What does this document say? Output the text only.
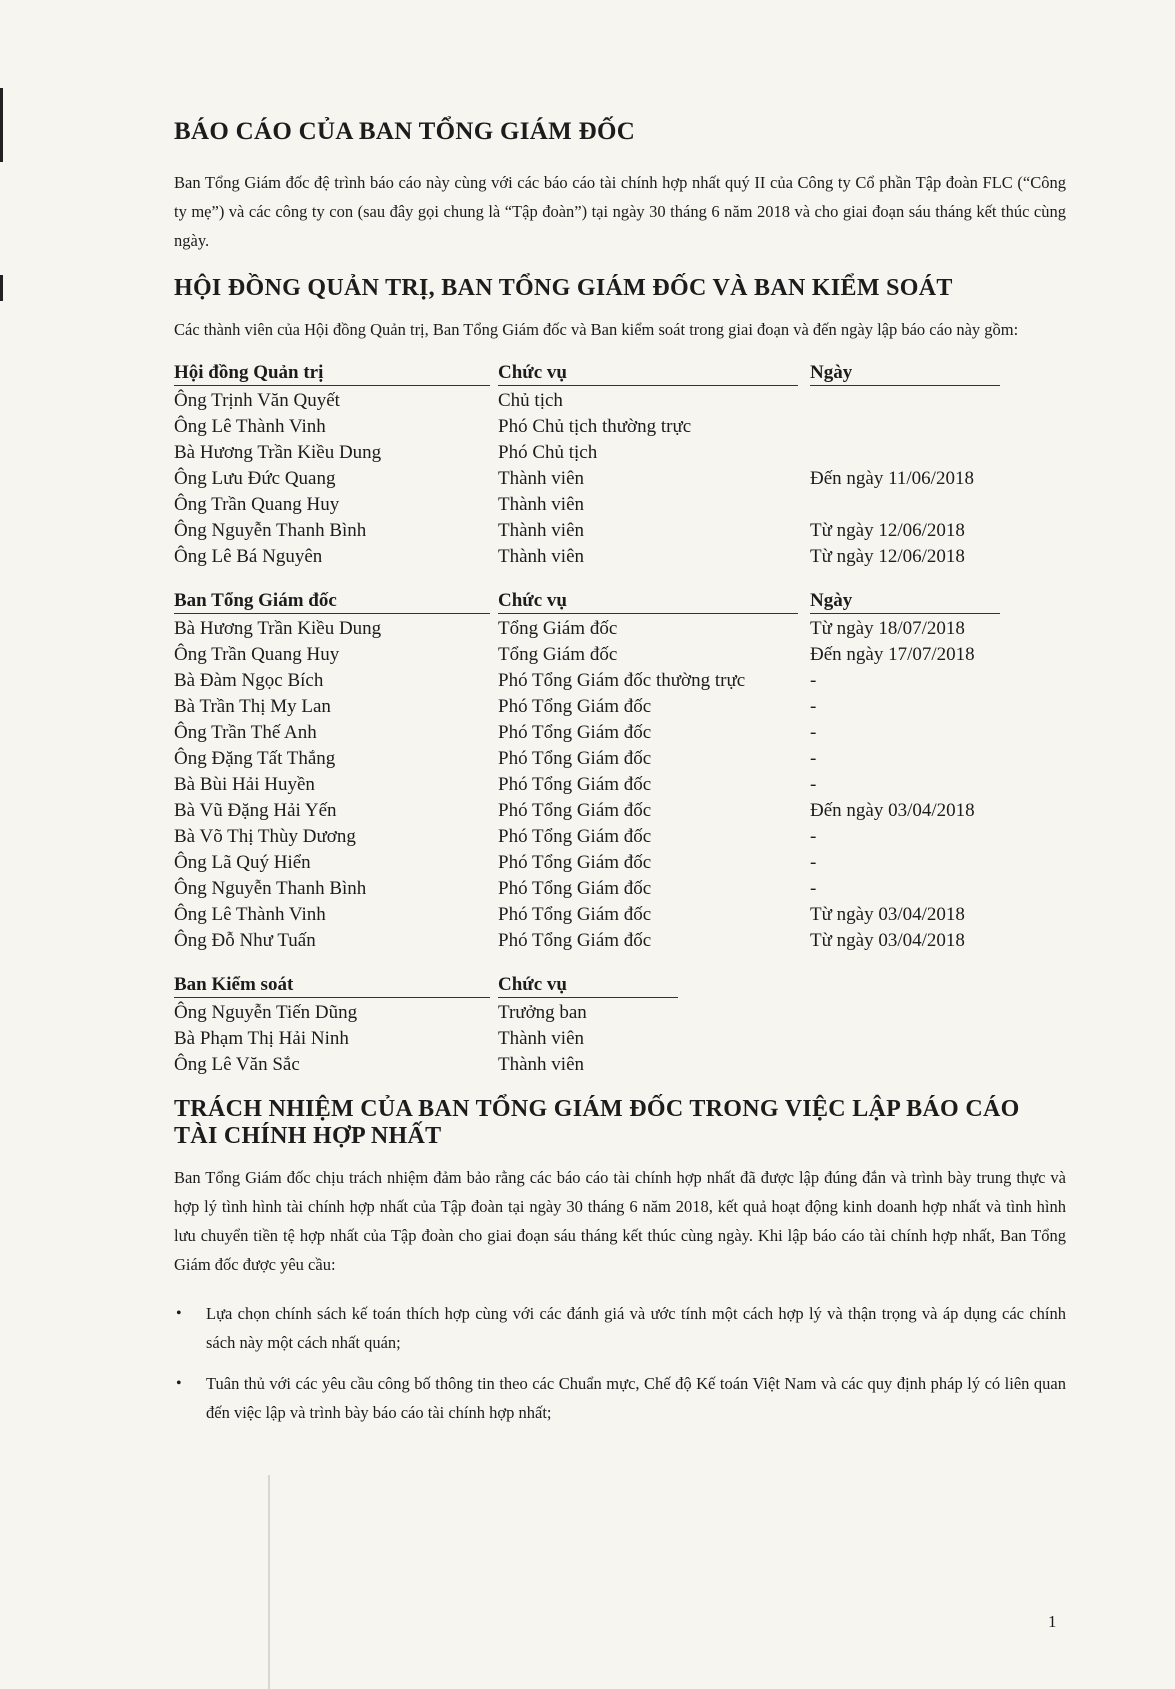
BÁO CÁO CỦA BAN TỔNG GIÁM ĐỐC

Ban Tổng Giám đốc đệ trình báo cáo này cùng với các báo cáo tài chính hợp nhất quý II của Công ty Cổ phần Tập đoàn FLC (“Công ty mẹ”) và các công ty con (sau đây gọi chung là “Tập đoàn”) tại ngày 30 tháng 6 năm 2018 và cho giai đoạn sáu tháng kết thúc cùng ngày.

HỘI ĐỒNG QUẢN TRỊ, BAN TỔNG GIÁM ĐỐC VÀ BAN KIỂM SOÁT

Các thành viên của Hội đồng Quản trị, Ban Tổng Giám đốc và Ban kiểm soát trong giai đoạn và đến ngày lập báo cáo này gồm:

Hội đồng Quản trị	Chức vụ	Ngày
Ông Trịnh Văn Quyết	Chủ tịch
Ông Lê Thành Vinh	Phó Chủ tịch thường trực
Bà Hương Trần Kiều Dung	Phó Chủ tịch
Ông Lưu Đức Quang	Thành viên	Đến ngày 11/06/2018
Ông Trần Quang Huy	Thành viên
Ông Nguyễn Thanh Bình	Thành viên	Từ ngày 12/06/2018
Ông Lê Bá Nguyên	Thành viên	Từ ngày 12/06/2018
Ban Tổng Giám đốc	Chức vụ	Ngày
Bà Hương Trần Kiều Dung	Tổng Giám đốc	Từ ngày 18/07/2018
Ông Trần Quang Huy	Tổng Giám đốc	Đến ngày 17/07/2018
Bà Đàm Ngọc Bích	Phó Tổng Giám đốc thường trực	-
Bà Trần Thị My Lan	Phó Tổng Giám đốc	-
Ông Trần Thế Anh	Phó Tổng Giám đốc	-
Ông Đặng Tất Thắng	Phó Tổng Giám đốc	-
Bà Bùi Hải Huyền	Phó Tổng Giám đốc	-
Bà Vũ Đặng Hải Yến	Phó Tổng Giám đốc	Đến ngày 03/04/2018
Bà Võ Thị Thùy Dương	Phó Tổng Giám đốc	-
Ông Lã Quý Hiển	Phó Tổng Giám đốc	-
Ông Nguyễn Thanh Bình	Phó Tổng Giám đốc	-
Ông Lê Thành Vinh	Phó Tổng Giám đốc	Từ ngày 03/04/2018
Ông Đỗ Như Tuấn	Phó Tổng Giám đốc	Từ ngày 03/04/2018
Ban Kiểm soát	Chức vụ
Ông Nguyễn Tiến Dũng	Trưởng ban
Bà Phạm Thị Hải Ninh	Thành viên
Ông Lê Văn Sắc	Thành viên
TRÁCH NHIỆM CỦA BAN TỔNG GIÁM ĐỐC TRONG VIỆC LẬP BÁO CÁO TÀI CHÍNH HỢP NHẤT

Ban Tổng Giám đốc chịu trách nhiệm đảm bảo rằng các báo cáo tài chính hợp nhất đã được lập đúng đắn và trình bày trung thực và hợp lý tình hình tài chính hợp nhất của Tập đoàn tại ngày 30 tháng 6 năm 2018, kết quả hoạt động kinh doanh hợp nhất và tình hình lưu chuyển tiền tệ hợp nhất của Tập đoàn cho giai đoạn sáu tháng kết thúc cùng ngày. Khi lập báo cáo tài chính hợp nhất, Ban Tổng Giám đốc được yêu cầu:

• Lựa chọn chính sách kế toán thích hợp cùng với các đánh giá và ước tính một cách hợp lý và thận trọng và áp dụng các chính sách này một cách nhất quán;
• Tuân thủ với các yêu cầu công bố thông tin theo các Chuẩn mực, Chế độ Kế toán Việt Nam và các quy định pháp lý có liên quan đến việc lập và trình bày báo cáo tài chính hợp nhất;
1
